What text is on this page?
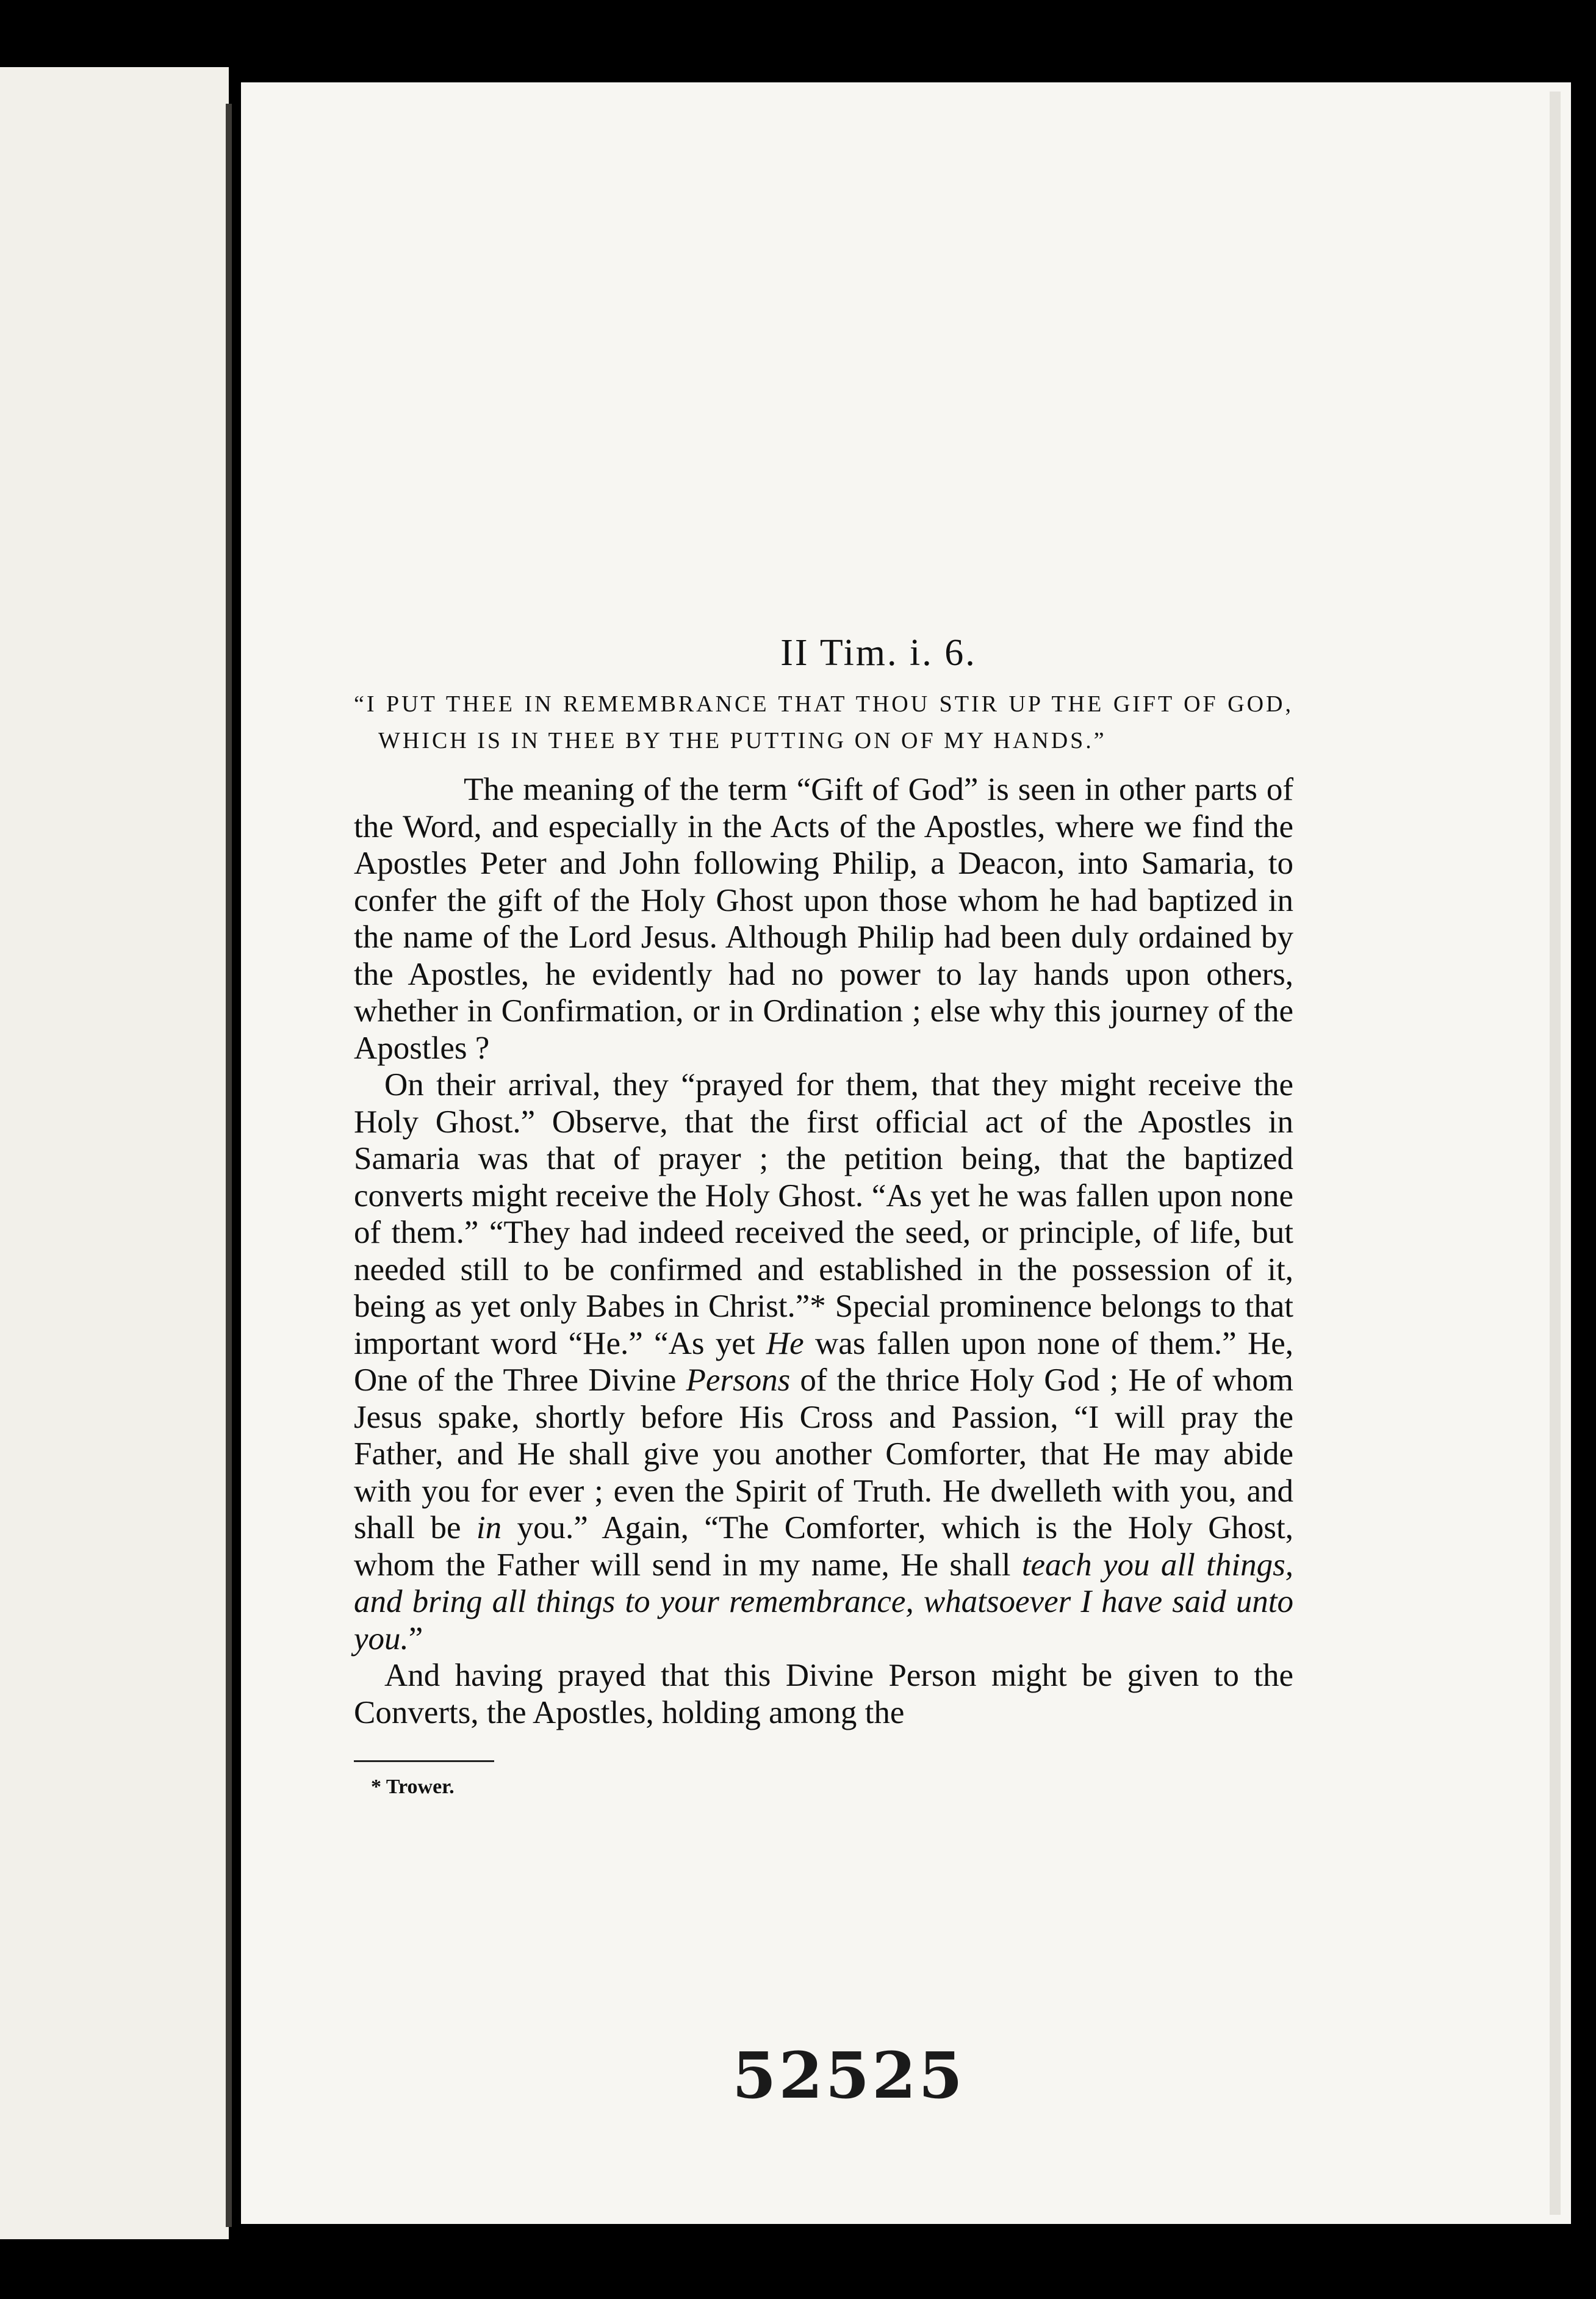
II Tim. i. 6.

“I PUT THEE IN REMEMBRANCE THAT THOU STIR UP THE GIFT OF GOD, WHICH IS IN THEE BY THE PUTTING ON OF MY HANDS.”

The meaning of the term “Gift of God” is seen in other parts of the Word, and especially in the Acts of the Apostles, where we find the Apostles Peter and John following Philip, a Deacon, into Samaria, to confer the gift of the Holy Ghost upon those whom he had baptized in the name of the Lord Jesus. Although Philip had been duly ordained by the Apostles, he evidently had no power to lay hands upon others, whether in Confirmation, or in Ordination ; else why this journey of the Apostles ?

On their arrival, they “prayed for them, that they might receive the Holy Ghost.” Observe, that the first official act of the Apostles in Samaria was that of prayer ; the petition being, that the baptized converts might receive the Holy Ghost. “As yet he was fallen upon none of them.” “They had indeed received the seed, or principle, of life, but needed still to be confirmed and established in the possession of it, being as yet only Babes in Christ.”* Special prominence belongs to that important word “He.” “As yet He was fallen upon none of them.” He, One of the Three Divine Persons of the thrice Holy God ; He of whom Jesus spake, shortly before His Cross and Passion, “I will pray the Father, and He shall give you another Comforter, that He may abide with you for ever ; even the Spirit of Truth. He dwelleth with you, and shall be in you.” Again, “The Comforter, which is the Holy Ghost, whom the Father will send in my name, He shall teach you all things, and bring all things to your remembrance, whatsoever I have said unto you.”

And having prayed that this Divine Person might be given to the Converts, the Apostles, holding among the

* Trower.

52525
